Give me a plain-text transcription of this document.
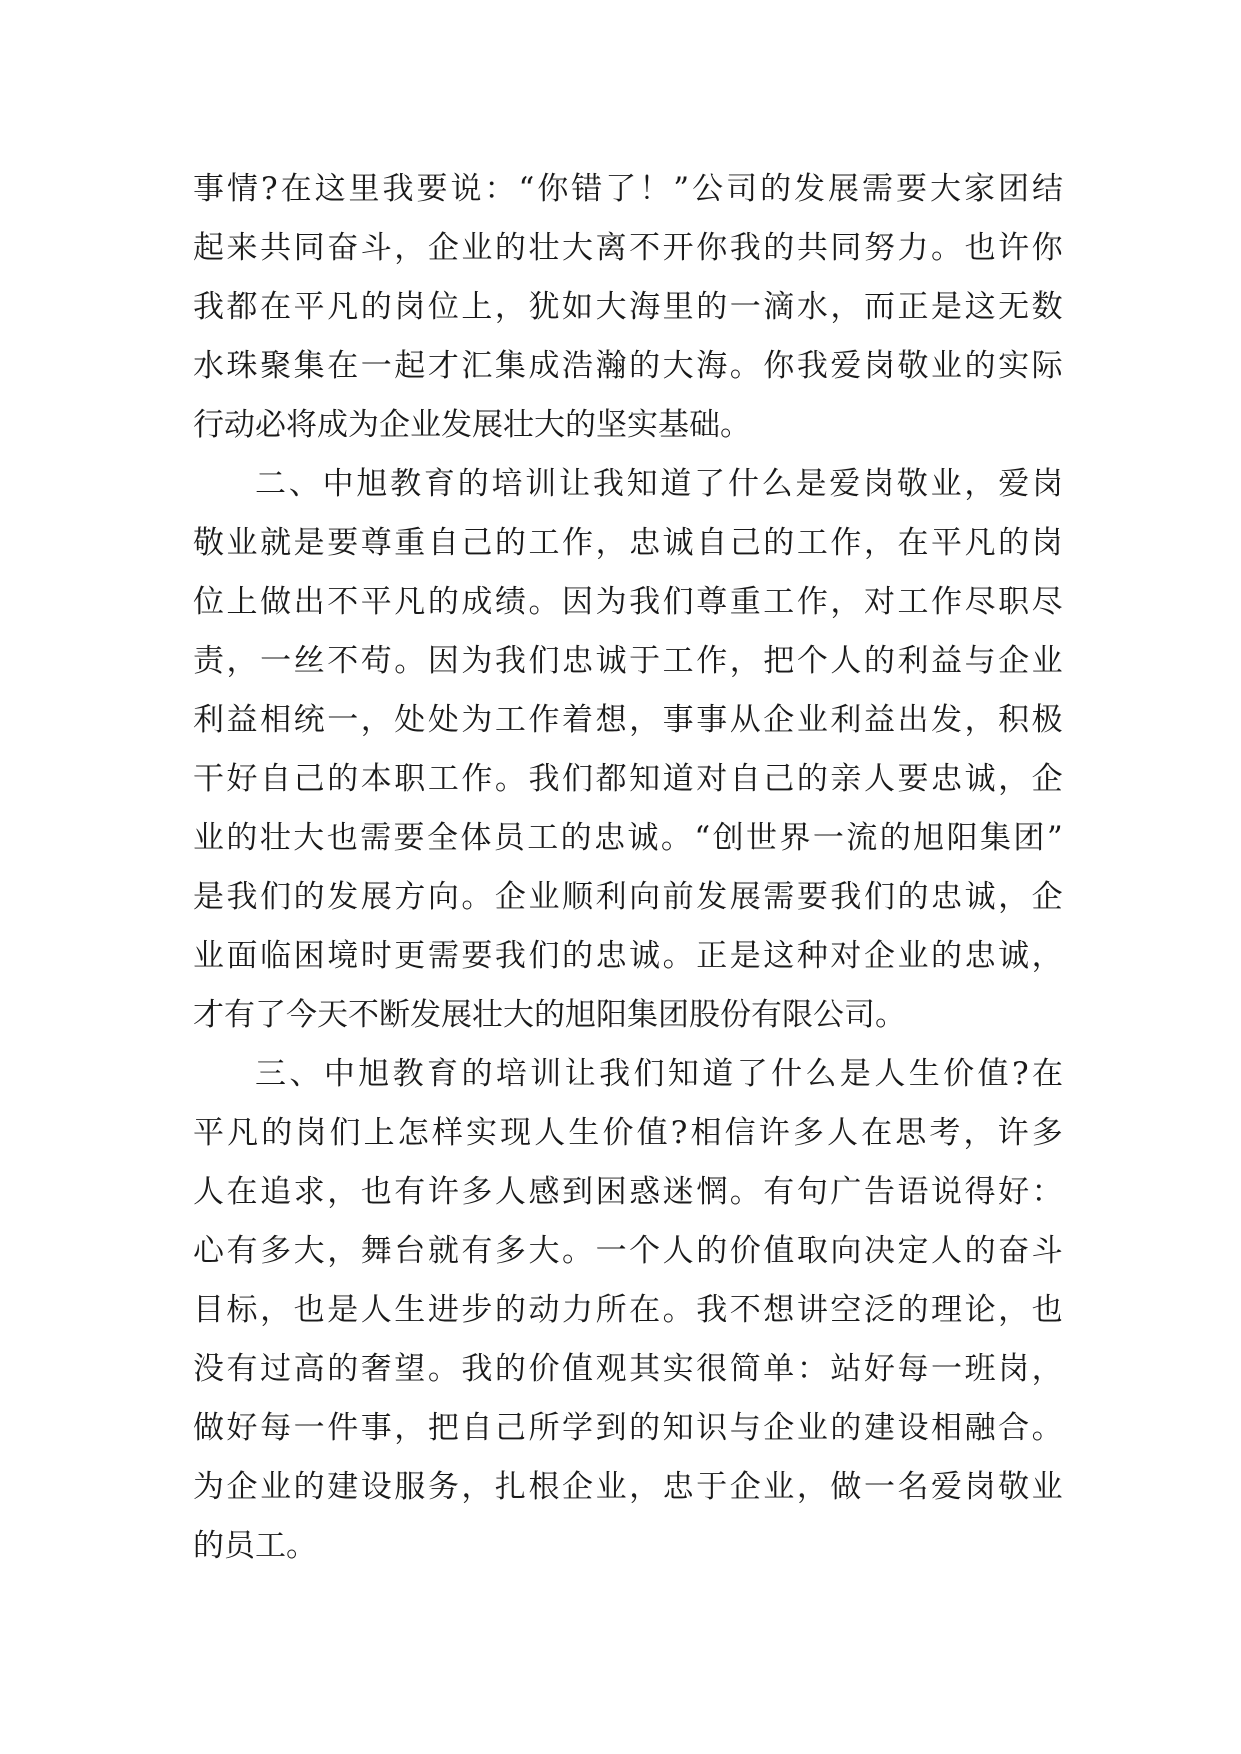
事 情 ? 在 这 里 我 要 说 ： “ 你 错 了 ！ ” 公 司 的 发 展 需 要 大 家 团 结
起 来 共 同 奋 斗 ， 企 业 的 壮 大 离 不 开 你 我 的 共 同 努 力 。 也 许 你
我 都 在 平 凡 的 岗 位 上 ， 犹 如 大 海 里 的 一 滴 水 ， 而 正 是 这 无 数
水 珠 聚 集 在 一 起 才 汇 集 成 浩 瀚 的 大 海 。 你 我 爱 岗 敬 业 的 实 际
行 动 必 将 成 为 企 业 发 展 壮 大 的 坚 实 基 础 。
二 、 中 旭 教 育 的 培 训 让 我 知 道 了 什 么 是 爱 岗 敬 业 ， 爱 岗
敬 业 就 是 要 尊 重 自 己 的 工 作 ， 忠 诚 自 己 的 工 作 ， 在 平 凡 的 岗
位 上 做 出 不 平 凡 的 成 绩 。 因 为 我 们 尊 重 工 作 ， 对 工 作 尽 职 尽
责 ， 一 丝 不 苟 。 因 为 我 们 忠 诚 于 工 作 ， 把 个 人 的 利 益 与 企 业
利 益 相 统 一 ， 处 处 为 工 作 着 想 ， 事 事 从 企 业 利 益 出 发 ， 积 极
干 好 自 己 的 本 职 工 作 。 我 们 都 知 道 对 自 己 的 亲 人 要 忠 诚 ， 企
业 的 壮 大 也 需 要 全 体 员 工 的 忠 诚 。 “ 创 世 界 一 流 的 旭 阳 集 团 ”
是 我 们 的 发 展 方 向 。 企 业 顺 利 向 前 发 展 需 要 我 们 的 忠 诚 ， 企
业 面 临 困 境 时 更 需 要 我 们 的 忠 诚 。 正 是 这 种 对 企 业 的 忠 诚 ，
才 有 了 今 天 不 断 发 展 壮 大 的 旭 阳 集 团 股 份 有 限 公 司 。
三 、 中 旭 教 育 的 培 训 让 我 们 知 道 了 什 么 是 人 生 价 值 ? 在
平 凡 的 岗 们 上 怎 样 实 现 人 生 价 值 ? 相 信 许 多 人 在 思 考 ， 许 多
人 在 追 求 ， 也 有 许 多 人 感 到 困 惑 迷 惘 。 有 句 广 告 语 说 得 好 ：
心 有 多 大 ， 舞 台 就 有 多 大 。 一 个 人 的 价 值 取 向 决 定 人 的 奋 斗
目 标 ， 也 是 人 生 进 步 的 动 力 所 在 。 我 不 想 讲 空 泛 的 理 论 ， 也
没 有 过 高 的 奢 望 。 我 的 价 值 观 其 实 很 简 单 ： 站 好 每 一 班 岗 ，
做 好 每 一 件 事 ， 把 自 己 所 学 到 的 知 识 与 企 业 的 建 设 相 融 合 。
为 企 业 的 建 设 服 务 ， 扎 根 企 业 ， 忠 于 企 业 ， 做 一 名 爱 岗 敬 业
的 员 工 。
